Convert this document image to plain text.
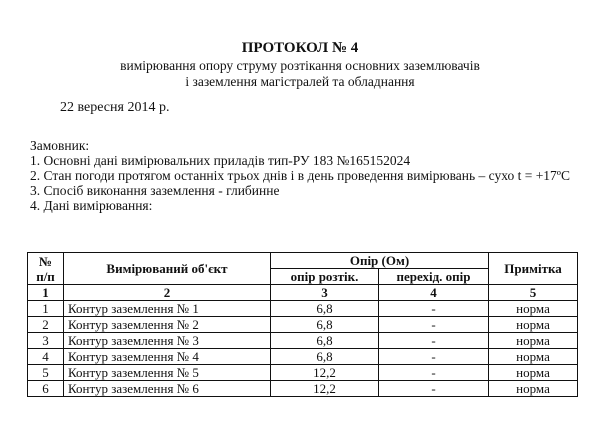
ПРОТОКОЛ № 4
вимірювання опору струму розтікання основних заземлювачів
і заземлення магістралей та обладнання
22 вересня 2014 р.
Замовник:
1. Основні дані вимірювальних приладів тип-РУ 183 №165152024
2. Стан погоди протягом останніх трьох днів і в день проведення вимірювань – сухо t = +17ºС
3. Спосіб виконання заземлення - глибинне
4. Дані вимірювання:
№
п/п	Вимірюваний об'єкт	Опір (Ом)		Примітка
		опір розтік.	перехід. опір	
1	2	3	4	5
1	Контур заземлення № 1	6,8	-	норма
2	Контур заземлення № 2	6,8	-	норма
3	Контур заземлення № 3	6,8	-	норма
4	Контур заземлення № 4	6,8	-	норма
5	Контур заземлення № 5	12,2	-	норма
6	Контур заземлення № 6	12,2	-	норма
